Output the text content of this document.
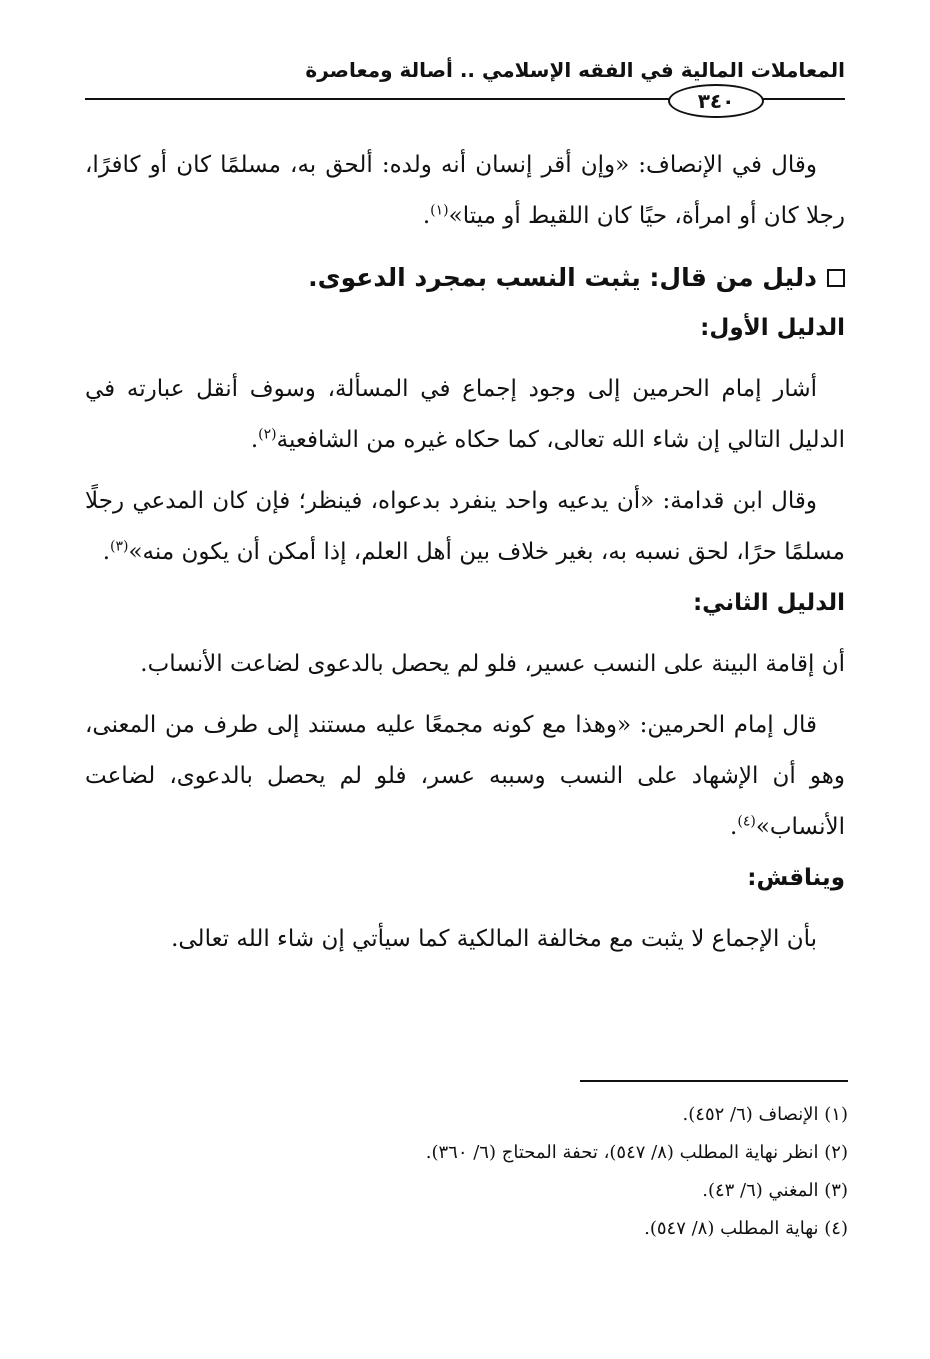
المعاملات المالية في الفقه الإسلامي .. أصالة ومعاصرة
٣٤٠

وقال في الإنصاف: «وإن أقر إنسان أنه ولده: ألحق به، مسلمًا كان أو كافرًا، رجلا كان أو امرأة، حيًا كان اللقيط أو ميتا»$^{(١)}$.

دليل من قال: يثبت النسب بمجرد الدعوى.

الدليل الأول:

أشار إمام الحرمين إلى وجود إجماع في المسألة، وسوف أنقل عبارته في الدليل التالي إن شاء الله تعالى، كما حكاه غيره من الشافعية$^{(٢)}$.

وقال ابن قدامة: «أن يدعيه واحد ينفرد بدعواه، فينظر؛ فإن كان المدعي رجلًا مسلمًا حرًا، لحق نسبه به، بغير خلاف بين أهل العلم، إذا أمكن أن يكون منه»$^{(٣)}$.

الدليل الثاني:

أن إقامة البينة على النسب عسير، فلو لم يحصل بالدعوى لضاعت الأنساب.

قال إمام الحرمين: «وهذا مع كونه مجمعًا عليه مستند إلى طرف من المعنى، وهو أن الإشهاد على النسب وسببه عسر، فلو لم يحصل بالدعوى، لضاعت الأنساب»$^{(٤)}$.

ويناقش:

بأن الإجماع لا يثبت مع مخالفة المالكية كما سيأتي إن شاء الله تعالى.

(١) الإنصاف (٦/ ٤٥٢).

(٢) انظر نهاية المطلب (٨/ ٥٤٧)، تحفة المحتاج (٦/ ٣٦٠).

(٣) المغني (٦/ ٤٣).

(٤) نهاية المطلب (٨/ ٥٤٧).
